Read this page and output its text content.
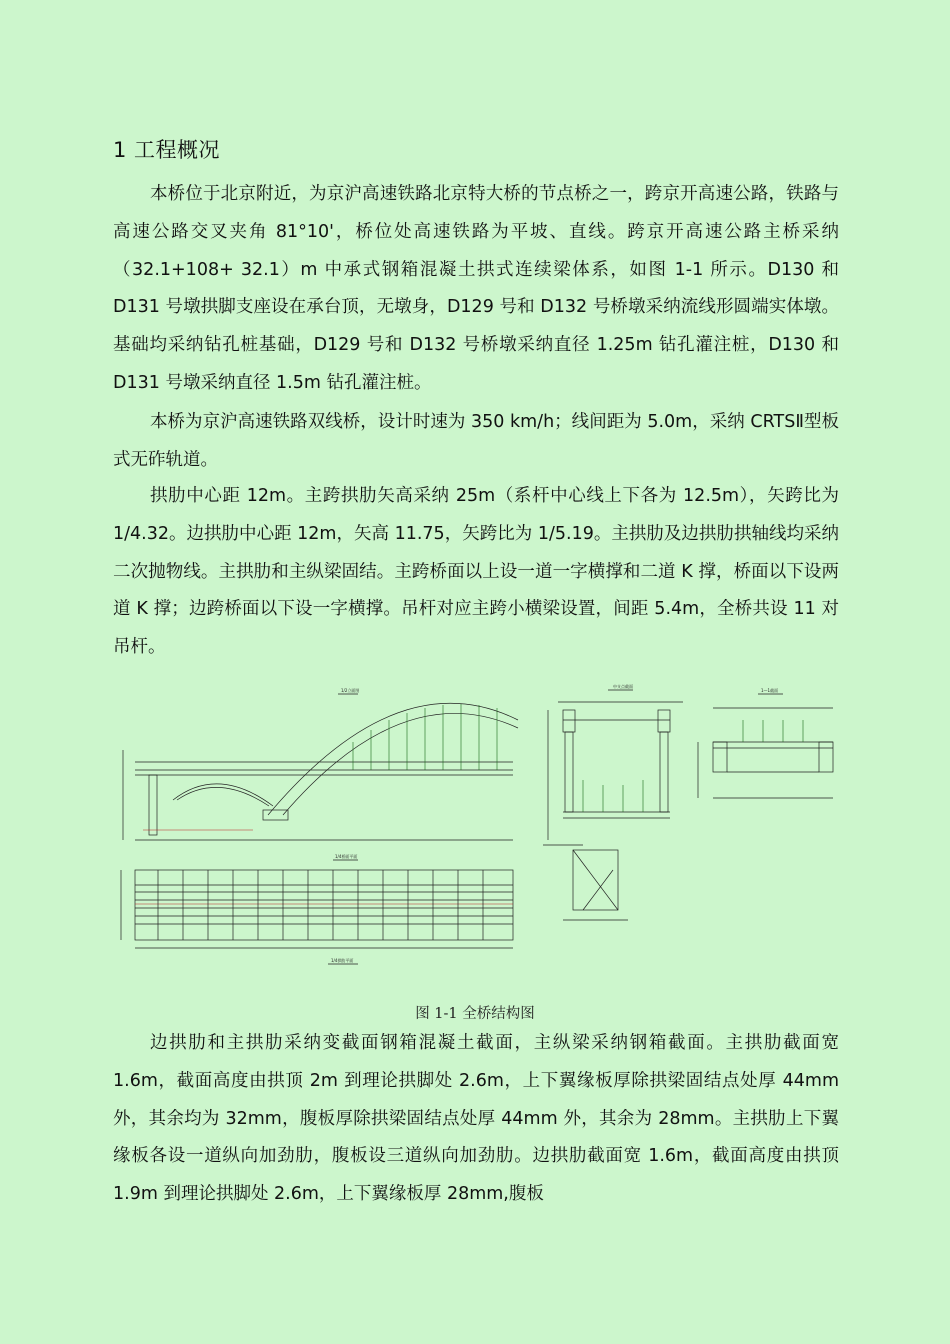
1 工程概况

本桥位于北京附近，为京沪高速铁路北京特大桥的节点桥之一，跨京开高速公路，铁路与高速公路交叉夹角 81°10'，桥位处高速铁路为平坡、直线。跨京开高速公路主桥采纳（32.1+108+ 32.1）m 中承式钢箱混凝土拱式连续梁体系，如图 1-1 所示。D130 和 D131 号墩拱脚支座设在承台顶，无墩身，D129 号和 D132 号桥墩采纳流线形圆端实体墩。基础均采纳钻孔桩基础，D129 号和 D132 号桥墩采纳直径 1.25m 钻孔灌注桩，D130 和 D131 号墩采纳直径 1.5m 钻孔灌注桩。

本桥为京沪高速铁路双线桥，设计时速为 350 km/h；线间距为 5.0m，采纳 CRTSⅡ型板式无砟轨道。

拱肋中心距 12m。主跨拱肋矢高采纳 25m（系杆中心线上下各为 12.5m），矢跨比为 1/4.32。边拱肋中心距 12m，矢高 11.75，矢跨比为 1/5.19。主拱肋及边拱肋拱轴线均采纳二次抛物线。主拱肋和主纵梁固结。主跨桥面以上设一道一字横撑和二道 K 撑，桥面以下设两道 K 撑；边跨桥面以下设一字横撑。吊杆对应主跨小横梁设置，间距 5.4m，全桥共设 11 对吊杆。

1/2立面图
1/4桥面平面
1/4拱肋平面
中支点截面
1—1截面
图 1-1 全桥结构图

边拱肋和主拱肋采纳变截面钢箱混凝土截面，主纵梁采纳钢箱截面。主拱肋截面宽 1.6m，截面高度由拱顶 2m 到理论拱脚处 2.6m，上下翼缘板厚除拱梁固结点处厚 44mm 外，其余均为 32mm，腹板厚除拱梁固结点处厚 44mm 外，其余为 28mm。主拱肋上下翼缘板各设一道纵向加劲肋，腹板设三道纵向加劲肋。边拱肋截面宽 1.6m，截面高度由拱顶 1.9m 到理论拱脚处 2.6m，上下翼缘板厚 28mm,腹板
